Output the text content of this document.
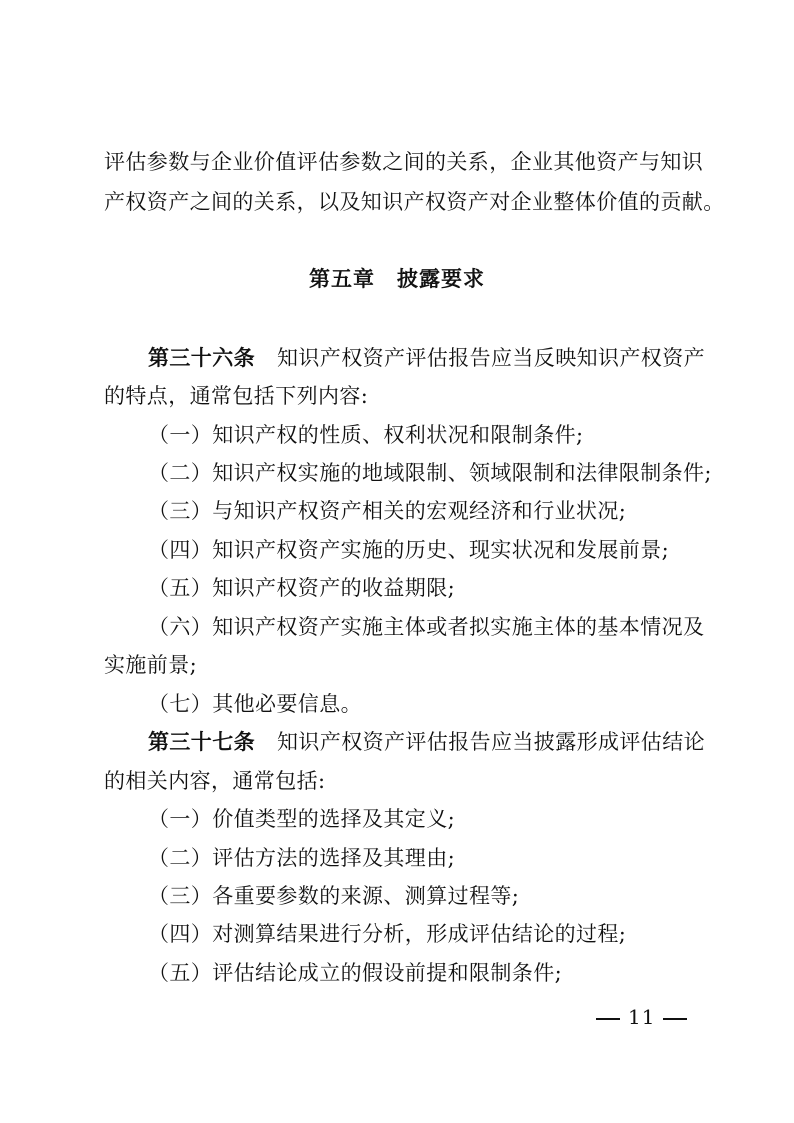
评估参数与企业价值评估参数之间的关系，企业其他资产与知识
产权资产之间的关系，以及知识产权资产对企业整体价值的贡献。
第五章　披露要求
第三十六条 知识产权资产评估报告应当反映知识产权资产
的特点，通常包括下列内容:
（一）知识产权的性质、权利状况和限制条件;
（二）知识产权实施的地域限制、领域限制和法律限制条件;
（三）与知识产权资产相关的宏观经济和行业状况;
（四）知识产权资产实施的历史、现实状况和发展前景;
（五）知识产权资产的收益期限;
（六）知识产权资产实施主体或者拟实施主体的基本情况及
实施前景;
（七）其他必要信息。
第三十七条 知识产权资产评估报告应当披露形成评估结论
的相关内容，通常包括:
（一）价值类型的选择及其定义;
（二）评估方法的选择及其理由;
（三）各重要参数的来源、测算过程等;
（四）对测算结果进行分析，形成评估结论的过程;
（五）评估结论成立的假设前提和限制条件;
11
